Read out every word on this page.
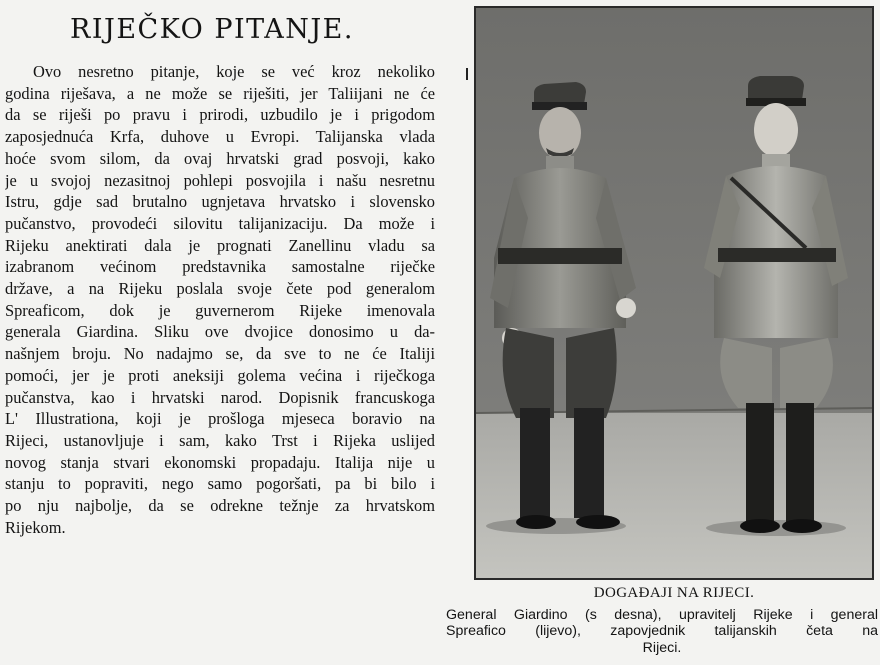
RIJEČKO PITANJE.
Ovo nesretno pitanje, koje se već kroz nekoliko
godina riješava, a ne može se riješiti, jer Taliijani ne će
da se riješi po pravu i prirodi, uzbudilo je i prigodom
zaposjednuća Krfa, duhove u Evropi. Talijanska vlada
hoće svom silom, da ovaj hrvatski grad posvoji, kako
je u svojoj nezasitnoj pohlepi posvojila i našu nesretnu
Istru, gdje sad brutalno ugnjetava hrvatsko i slovensko
pučanstvo, provodeći silovitu talijanizaciju. Da može i
Rijeku anektirati dala je prognati Zanellinu vladu sa
izabranom većinom predstavnika samostalne riječke
države, a na Rijeku poslala svoje čete pod generalom
Spreaficom, dok je guvernerom Rijeke imenovala
generala Giardina. Sliku ove dvojice donosimo u da-
našnjem broju. No nadajmo se, da sve to ne će Italiji
pomoći, jer je proti aneksiji golema većina i riječkoga
pučanstva, kao i hrvatski narod. Dopisnik francuskoga
L' Illustrationa, koji je prošloga mjeseca boravio na
Rijeci, ustanovljuje i sam, kako Trst i Rijeka uslijed
novog stanja stvari ekonomski propadaju. Italija nije u
stanju to popraviti, nego samo pogoršati, pa bi bilo i
po nju najbolje, da se odrekne težnje za hrvatskom
Rijekom.

DOGAĐAJI NA RIJECI.

General Giardino (s desna), upravitelj Rijeke i general
Spreafico (lijevo), zapovjednik talijanskih četa na
Rijeci.
